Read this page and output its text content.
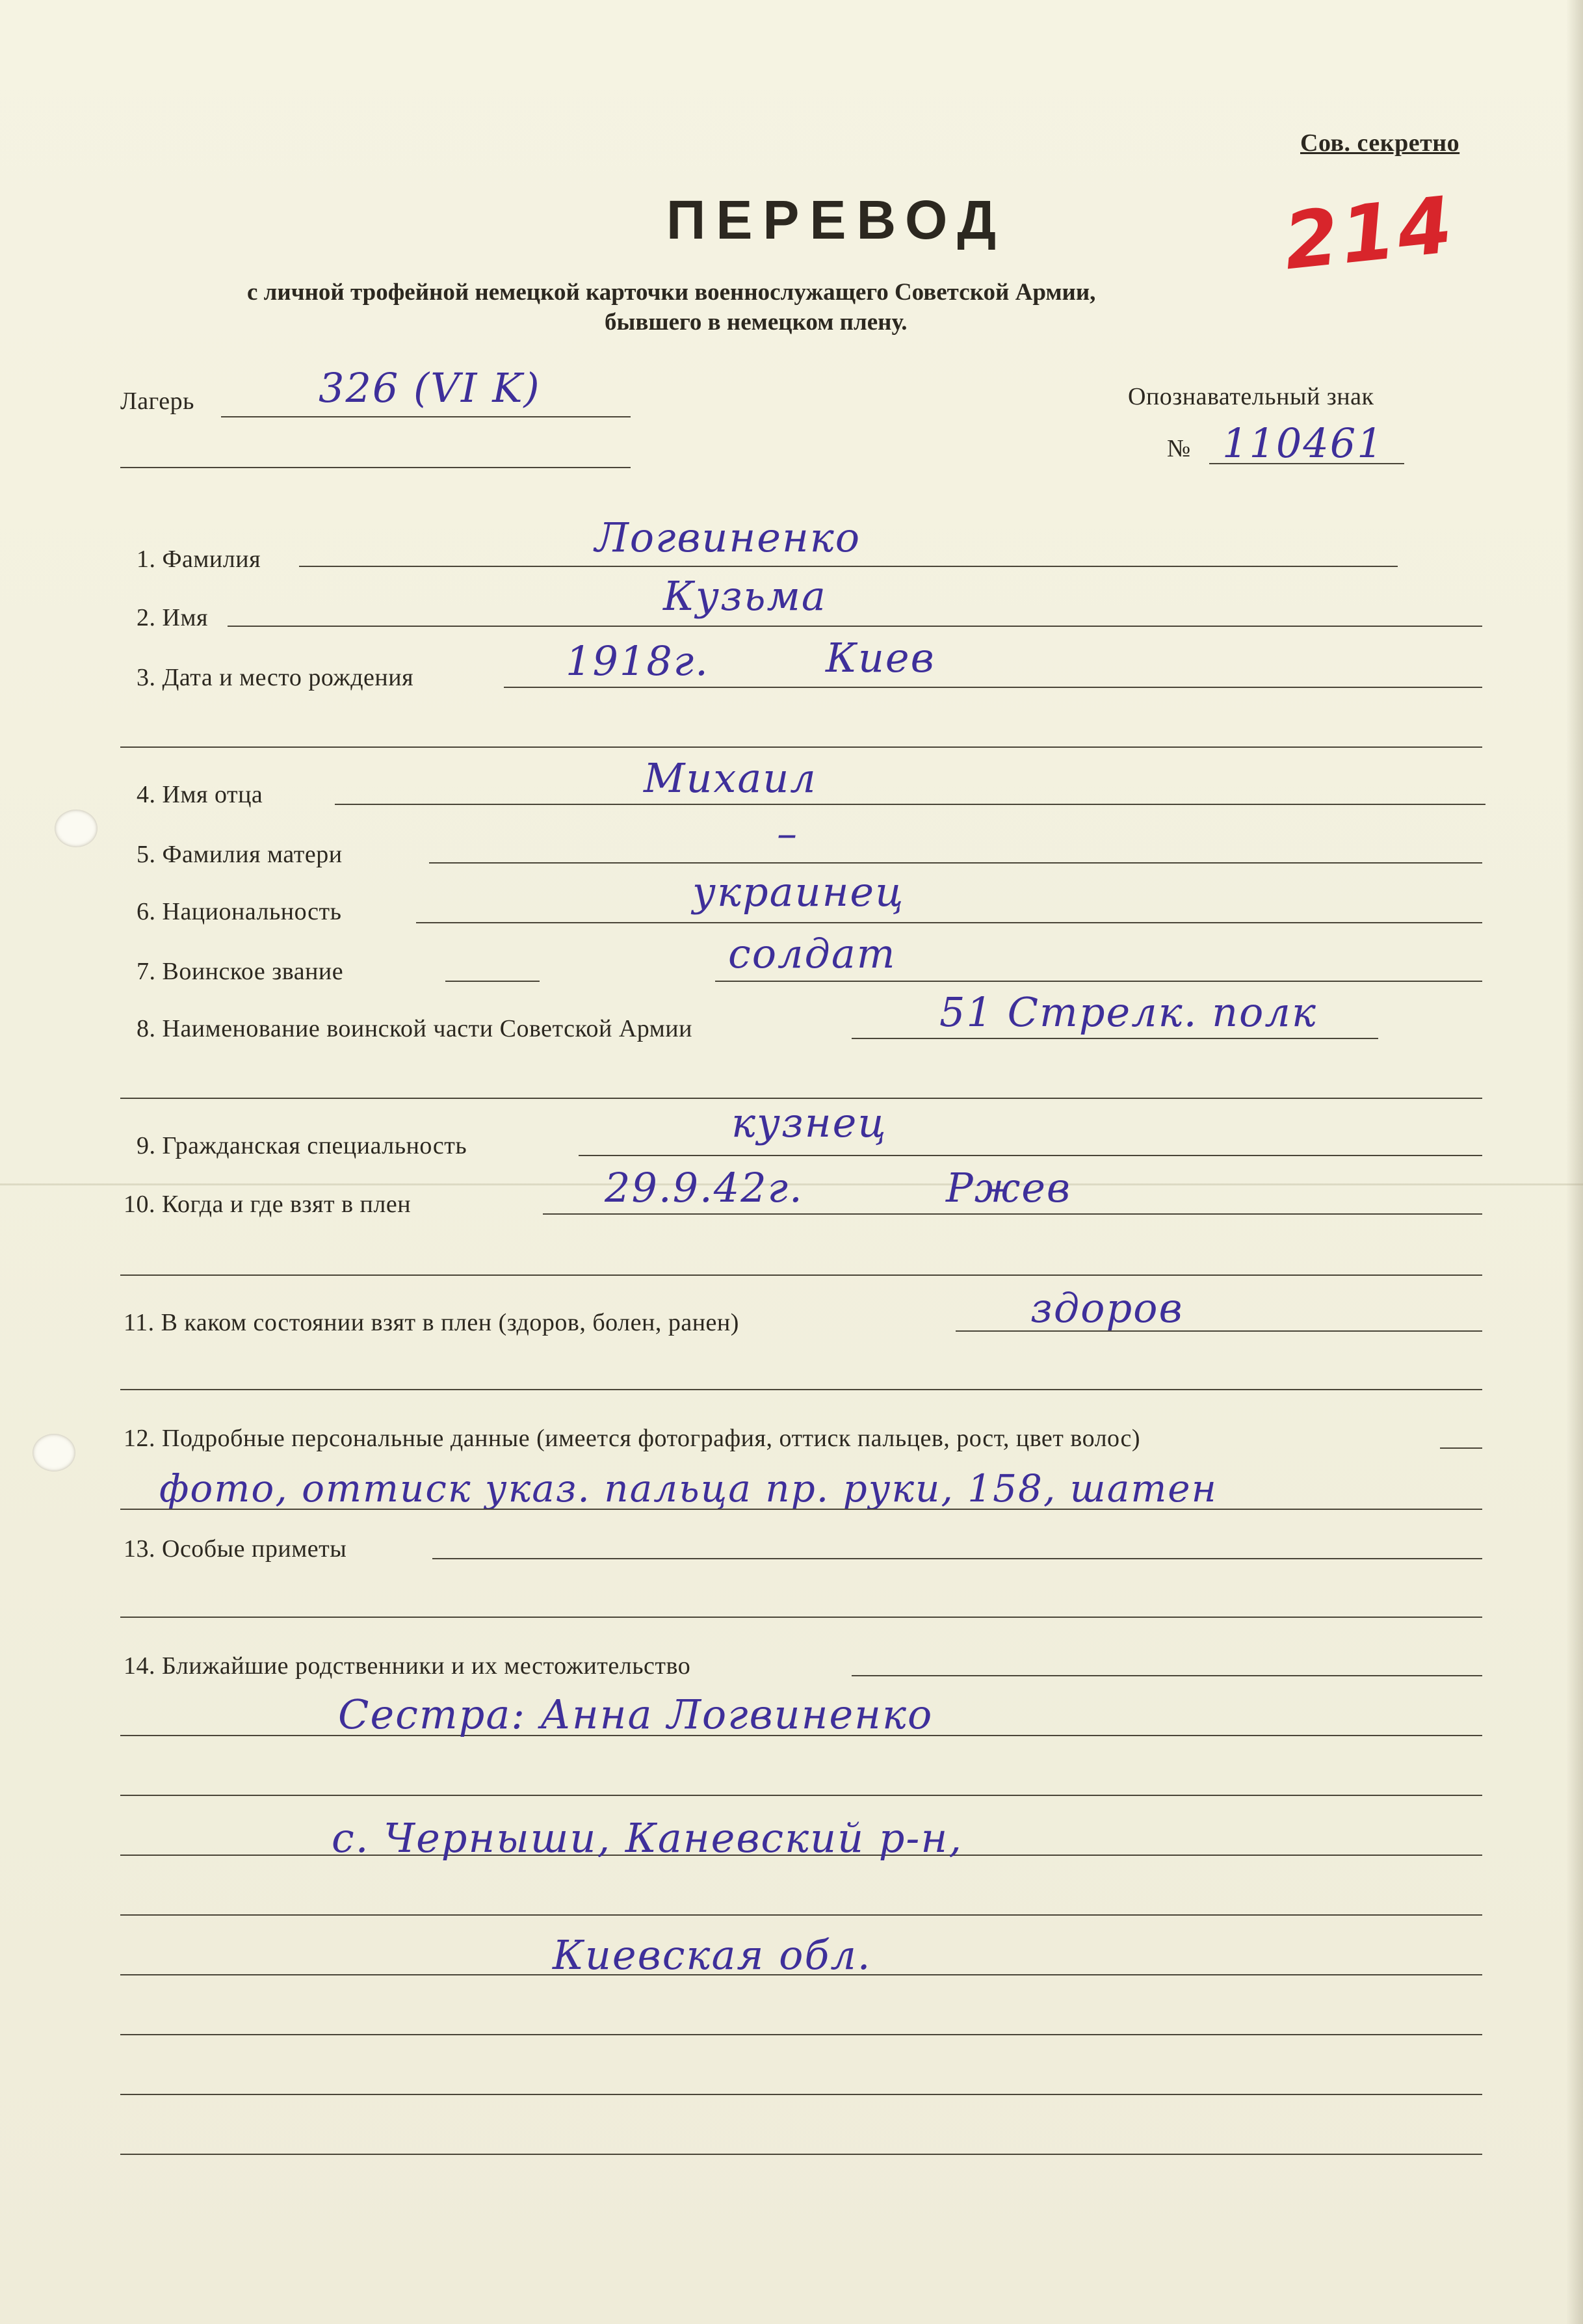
Сов. секретно
214
ПЕРЕВОД
с личной трофейной немецкой карточки военнослужащего Советской Армии,
бывшего в немецком плену.
Лагерь	326 (VI K)	Опознавательный знак
№ 110461
1. Фамилия	Логвиненко
2. Имя	Кузьма
3. Дата и место рождения	1918г.	Киев
4. Имя отца	Михаил
5. Фамилия матери	–
6. Национальность	украинец
7. Воинское звание	солдат
8. Наименование воинской части Советской Армии	51 Стрелк. полк
9. Гражданская специальность	кузнец
10. Когда и где взят в плен	29.9.42г.	Ржев
11. В каком состоянии взят в плен (здоров, болен, ранен)	здоров
12. Подробные персональные данные (имеется фотография, оттиск пальцев, рост, цвет волос)
фото, оттиск указ. пальца пр. руки, 158, шатен
13. Особые приметы
14. Ближайшие родственники и их местожительство
Сестра: Анна Логвиненко
с. Черныши, Каневский р-н,
Киевская обл.
